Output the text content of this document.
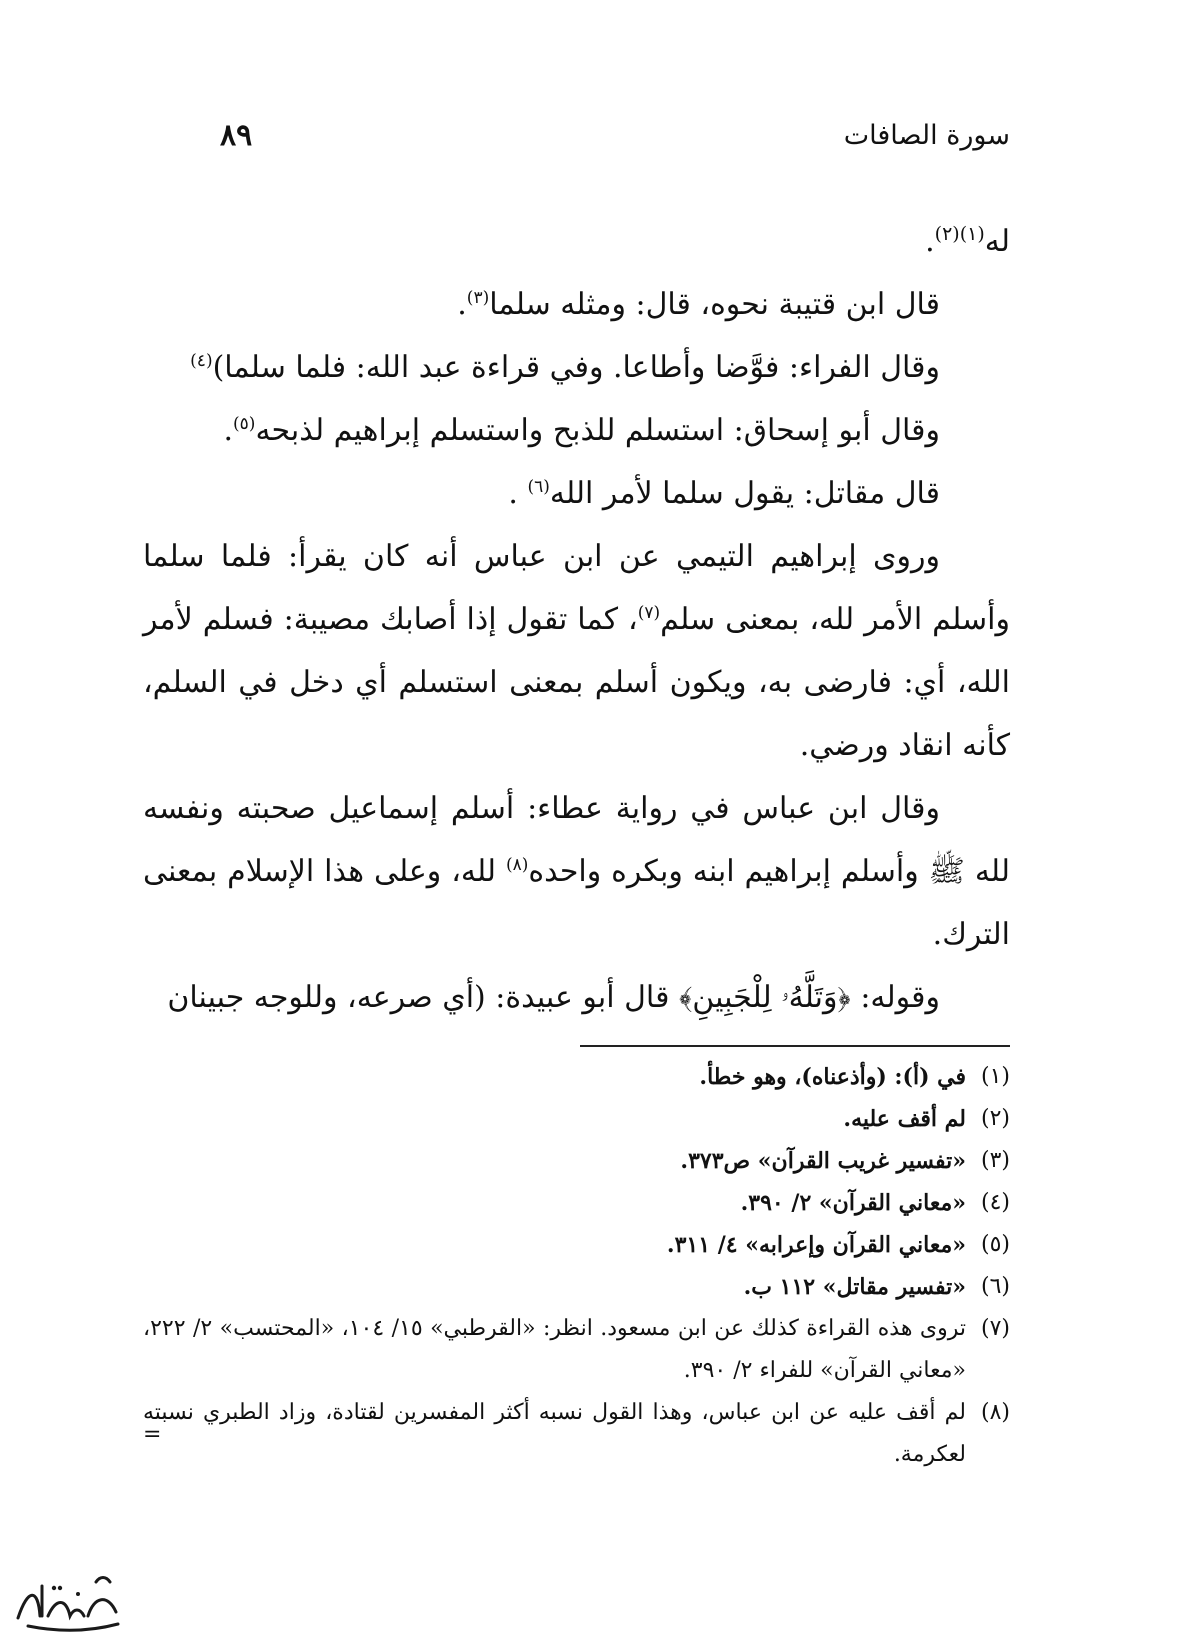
سورة الصافات
٨٩

له$^{(١)(٢)}$.

قال ابن قتيبة نحوه، قال: ومثله سلما$^{(٣)}$.

وقال الفراء: فوَّضا وأطاعا. وفي قراءة عبد الله: فلما سلما)$^{(٤)}$

وقال أبو إسحاق: استسلم للذبح واستسلم إبراهيم لذبحه$^{(٥)}$.

قال مقاتل: يقول سلما لأمر الله$^{(٦)}$ .

وروى إبراهيم التيمي عن ابن عباس أنه كان يقرأ: فلما سلما وأسلم الأمر لله، بمعنى سلم$^{(٧)}$، كما تقول إذا أصابك مصيبة: فسلم لأمر الله، أي: فارضى به، ويكون أسلم بمعنى استسلم أي دخل في السلم، كأنه انقاد ورضي.

وقال ابن عباس في رواية عطاء: أسلم إسماعيل صحبته ونفسه لله ﷺ وأسلم إبراهيم ابنه وبكره واحده$^{(٨)}$ لله، وعلى هذا الإسلام بمعنى الترك.

وقوله: ﴿وَتَلَّهُۥ لِلْجَبِينِ﴾ قال أبو عبيدة: (أي صرعه، وللوجه جبينان

(١)
في (أ): (وأذعناه)، وهو خطأ.
(٢)
لم أقف عليه.
(٣)
«تفسير غريب القرآن» ص٣٧٣.
(٤)
«معاني القرآن» ٢/ ٣٩٠.
(٥)
«معاني القرآن وإعرابه» ٤/ ٣١١.
(٦)
«تفسير مقاتل» ١١٢ ب.
(٧)
تروى هذه القراءة كذلك عن ابن مسعود. انظر: «القرطبي» ١٥/ ١٠٤، «المحتسب» ٢/ ٢٢٢، «معاني القرآن» للفراء ٢/ ٣٩٠.
(٨)
لم أقف عليه عن ابن عباس، وهذا القول نسبه أكثر المفسرين لقتادة، وزاد الطبري نسبته لعكرمة.
=
